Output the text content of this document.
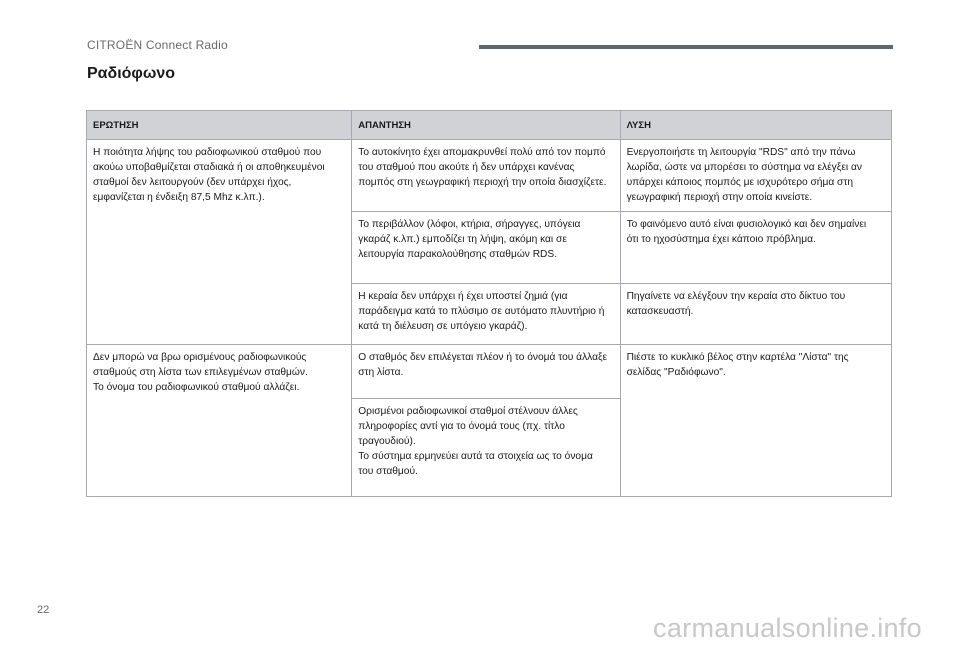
CITROËN Connect Radio
Ραδιόφωνο
ΕΡΩΤΗΣΗ	ΑΠΑΝΤΗΣΗ	ΛΥΣΗ
Η ποιότητα λήψης του ραδιοφωνικού σταθμού που
ακούω υποβαθμίζεται σταδιακά ή οι αποθηκευμένοι
σταθμοί δεν λειτουργούν (δεν υπάρχει ήχος,
εμφανίζεται η ένδειξη 87,5 Mhz κ.λπ.).	Το αυτοκίνητο έχει απομακρυνθεί πολύ από τον πομπό
του σταθμού που ακούτε ή δεν υπάρχει κανένας
πομπός στη γεωγραφική περιοχή την οποία διασχίζετε.	Ενεργοποιήστε τη λειτουργία "RDS" από την πάνω
λωρίδα, ώστε να μπορέσει το σύστημα να ελέγξει αν
υπάρχει κάποιος πομπός με ισχυρότερο σήμα στη
γεωγραφική περιοχή στην οποία κινείστε.
	Το περιβάλλον (λόφοι, κτήρια, σήραγγες, υπόγεια
γκαράζ κ.λπ.) εμποδίζει τη λήψη, ακόμη και σε
λειτουργία παρακολούθησης σταθμών RDS.	Το φαινόμενο αυτό είναι φυσιολογικό και δεν σημαίνει
ότι το ηχοσύστημα έχει κάποιο πρόβλημα.
	Η κεραία δεν υπάρχει ή έχει υποστεί ζημιά (για
παράδειγμα κατά το πλύσιμο σε αυτόματο πλυντήριο ή
κατά τη διέλευση σε υπόγειο γκαράζ).	Πηγαίνετε να ελέγξουν την κεραία στο δίκτυο του
κατασκευαστή.
Δεν μπορώ να βρω ορισμένους ραδιοφωνικούς
σταθμούς στη λίστα των επιλεγμένων σταθμών.
Το όνομα του ραδιοφωνικού σταθμού αλλάζει.	Ο σταθμός δεν επιλέγεται πλέον ή το όνομά του άλλαξε
στη λίστα.	Πιέστε το κυκλικό βέλος στην καρτέλα "Λίστα" της
σελίδας "Ραδιόφωνο".
	Ορισμένοι ραδιοφωνικοί σταθμοί στέλνουν άλλες
πληροφορίες αντί για το όνομά τους (πχ. τίτλο
τραγουδιού).
Το σύστημα ερμηνεύει αυτά τα στοιχεία ως το όνομα
του σταθμού.	
22
carmanualsonline.info
